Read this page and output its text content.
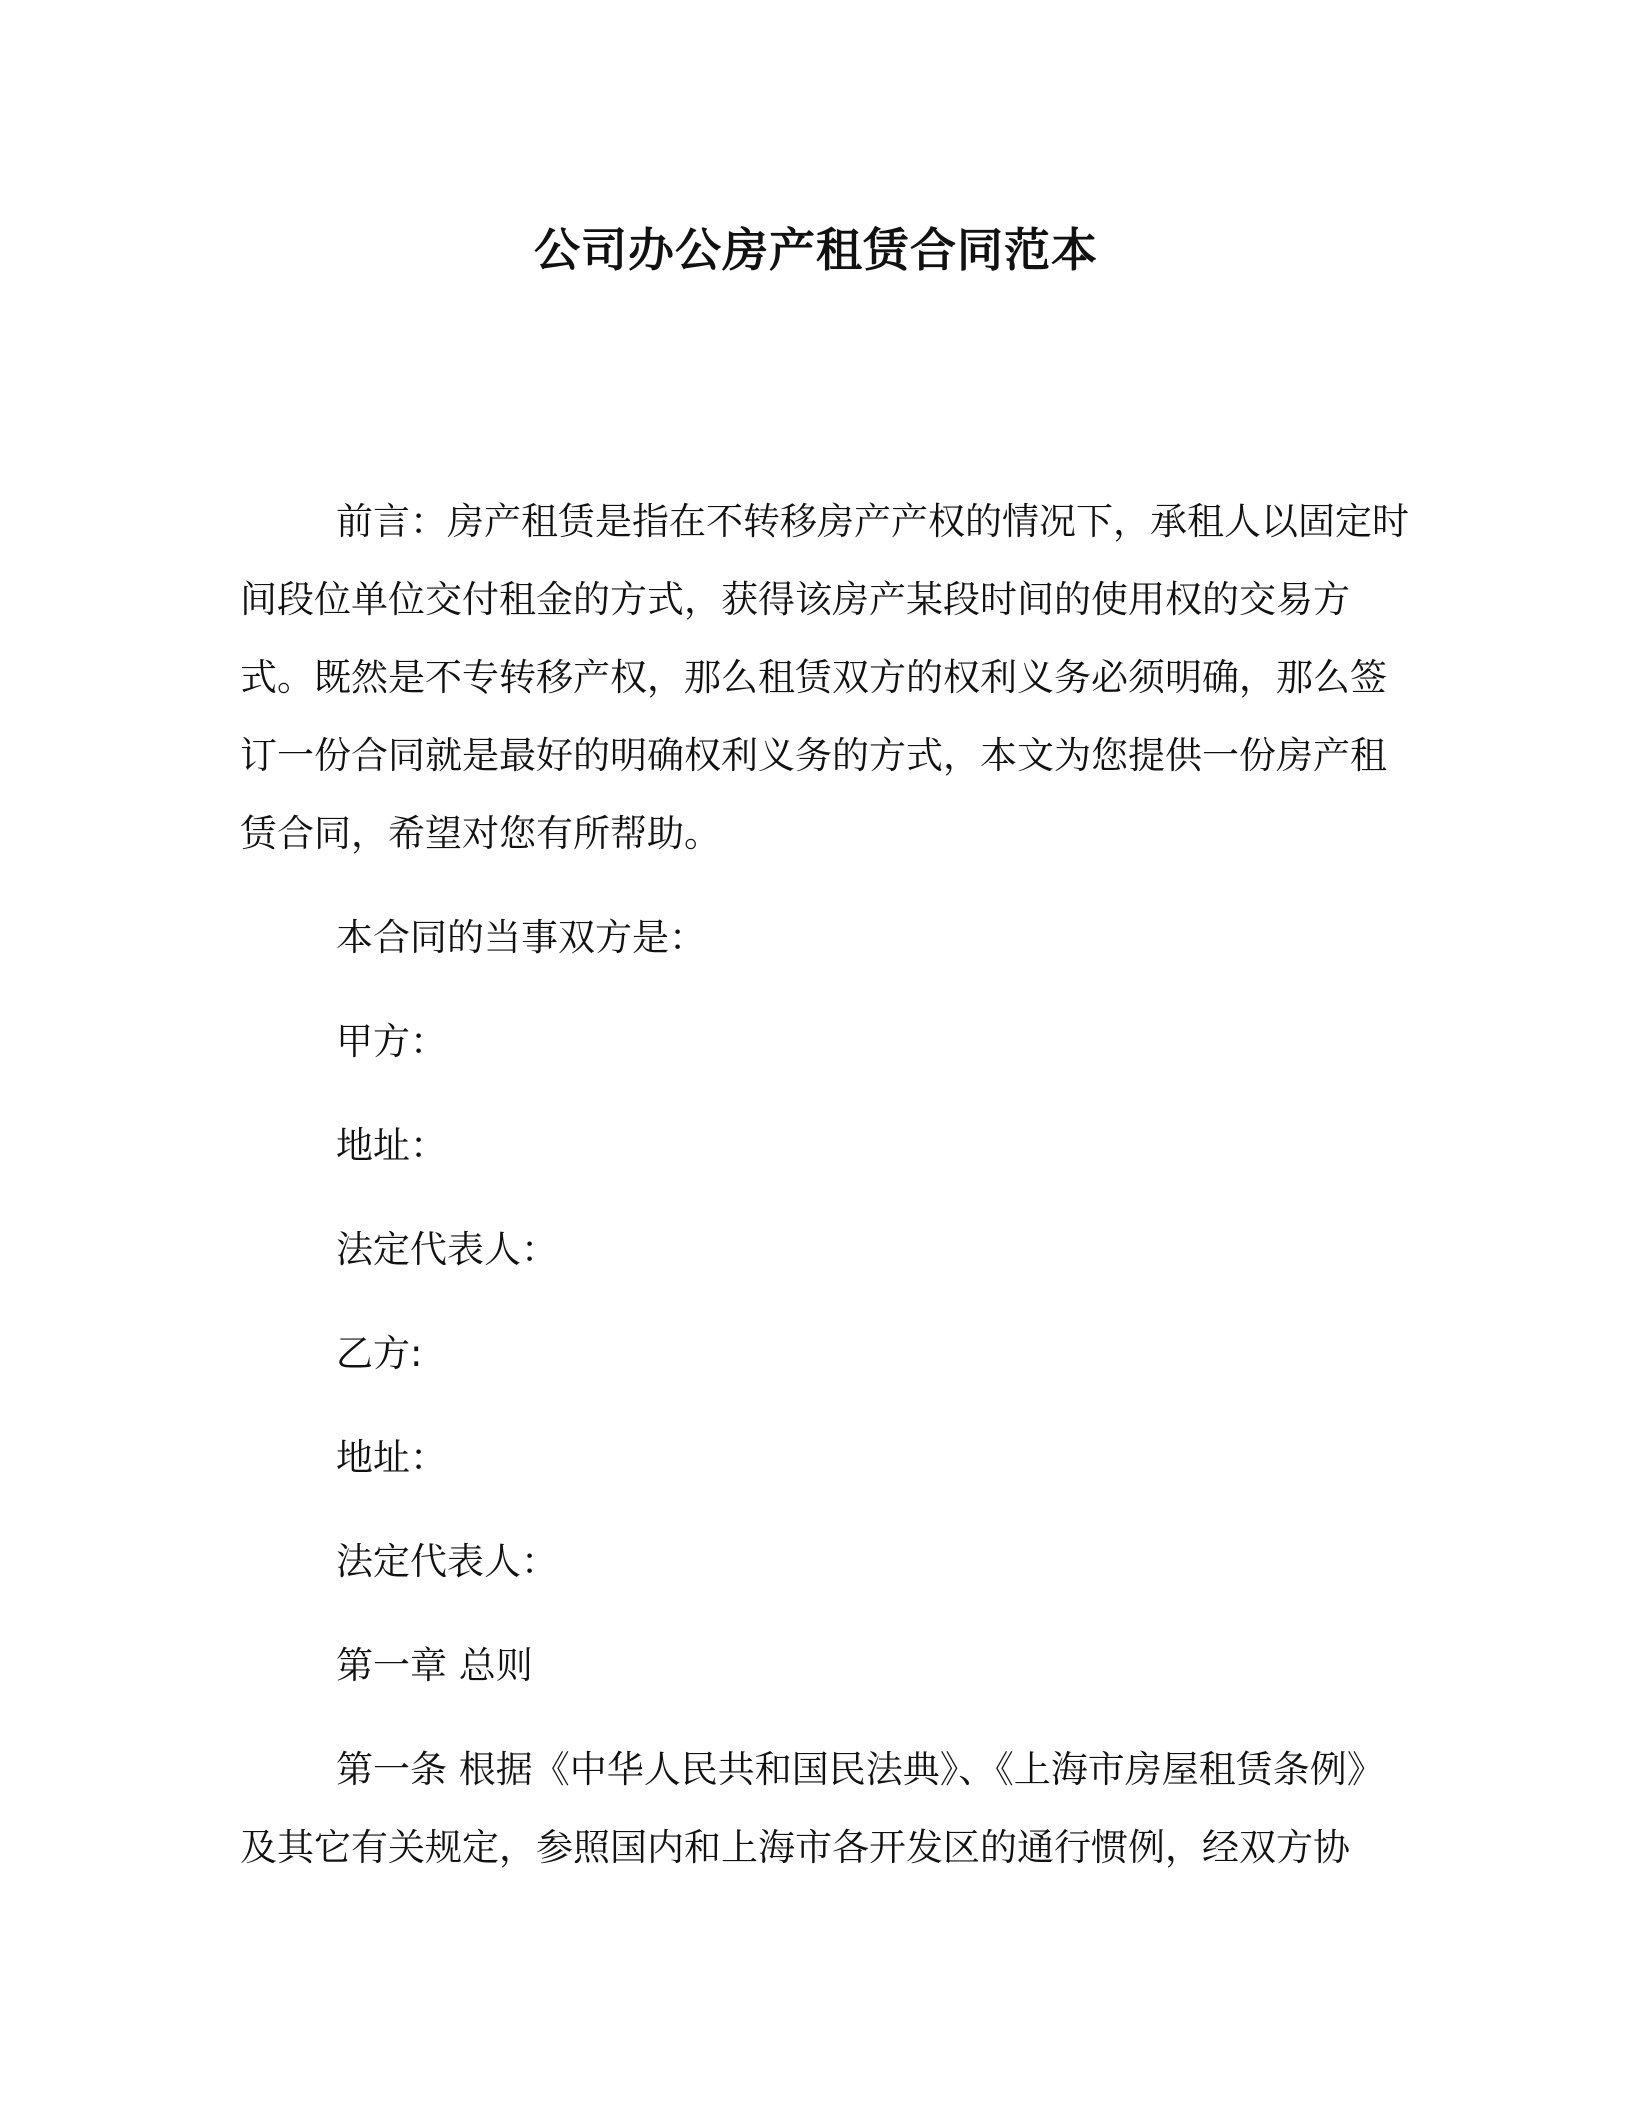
公司办公房产租赁合同范本

前言：房产租赁是指在不转移房产产权的情况下，承租人以固定时间段位单位交付租金的方式，获得该房产某段时间的使用权的交易方式。既然是不专转移产权，那么租赁双方的权利义务必须明确，那么签订一份合同就是最好的明确权利义务的方式，本文为您提供一份房产租赁合同，希望对您有所帮助。

本合同的当事双方是：

甲方：

地址：

法定代表人：

乙方:

地址：

法定代表人：

第一章 总则

第一条 根据《中华人民共和国民法典》、《上海市房屋租赁条例》及其它有关规定，参照国内和上海市各开发区的通行惯例，经双方协
